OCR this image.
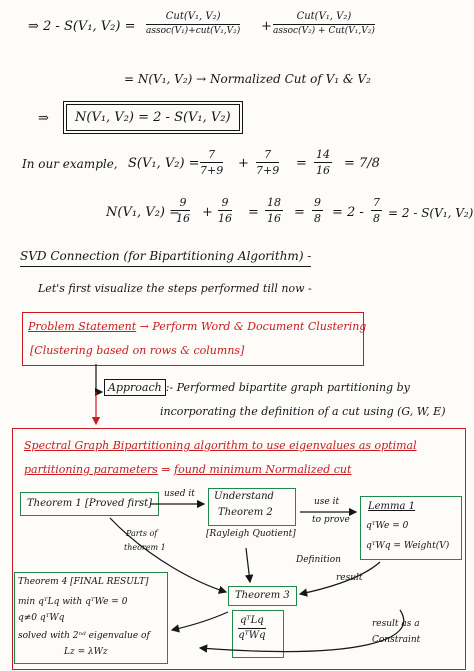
⇒ 2 - S(V₁, V₂) =
Cut(V₁, V₂)
assoc(V₁)+cut(V₁,V₂) +
Cut(V₁, V₂)
assoc(V₂) + Cut(V₁,V₂)
= N(V₁, V₂) → Normalized Cut of V₁ & V₂
⇒	N(V₁, V₂) = 2 - S(V₁, V₂)
In our example, S(V₁, $V_2) = \frac{7}{7+9} + \frac{7}{7+9} = \frac{14}{16} = 7/8$
N(V₁, V₂) =
$\frac{9}{16} + \frac{9}{16} = \frac{18}{16} = \frac{9}{8} = 2 - \frac{7}{8} = 2 - S(V_1$, V₂)
SVD Connection (for Bipartitioning Algorithm) -
Let's first visualize the steps performed till now -
Problem Statement → Perform Word & Document Clustering
[Clustering based on rows & columns]
Approach :- Performed bipartite graph partitioning by
incorporating the definition of a cut using (G, W, E)
Spectral Graph Bipartitioning algorithm to use eigenvalues as optimal
partitioning parameters ⇒ found minimum Normalized cut
Theorem 1 [Proved first]
used it Understand
Theorem 2
[Rayleigh Quotient]
use it
to prove
Lemma 1
qᵀWe = 0
qᵀWq = Weight(V)
Parts of
theorem 1
Definition
result
Theorem 4 [FINAL RESULT]
min qᵀLq with qᵀWe = 0
q≠0 qᵀWq
solved with 2ⁿᵈ eigenvalue of
Lz = λWz
Theorem 3
qᵀLq
qᵀWq
result as a
Constraint
